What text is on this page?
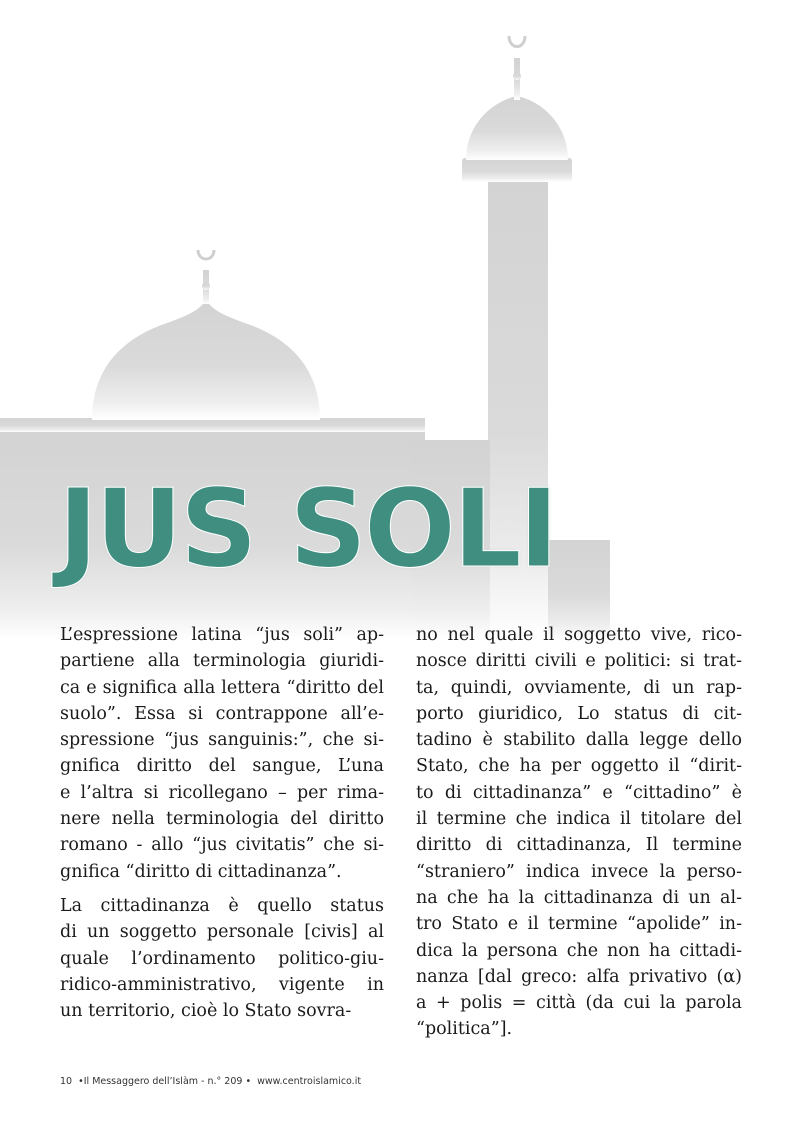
JUS SOLI

L’espressione latina “jus soli” ap-
partiene alla terminologia giuridi-
ca e significa alla lettera “diritto del
suolo”. Essa si contrappone all’e-
spressione “jus sanguinis:”, che si-
gnifica diritto del sangue, L’una
e l’altra si ricollegano – per rima-
nere nella terminologia del diritto
romano - allo “jus civitatis” che si-
gnifica “diritto di cittadinanza”.

La cittadinanza è quello status
di un soggetto personale [civis] al
quale l’ordinamento politico-giu-
ridico-amministrativo, vigente in
un territorio, cioè lo Stato sovra-

no nel quale il soggetto vive, rico-
nosce diritti civili e politici: si trat-
ta, quindi, ovviamente, di un rap-
porto giuridico, Lo status di cit-
tadino è stabilito dalla legge dello
Stato, che ha per oggetto il “dirit-
to di cittadinanza” e “cittadino” è
il termine che indica il titolare del
diritto di cittadinanza, Il termine
“straniero” indica invece la perso-
na che ha la cittadinanza di un al-
tro Stato e il termine “apolide” in-
dica la persona che non ha cittadi-
nanza [dal greco: alfa privativo (α)
a + polis = città (da cui la parola
“politica”].

10 •Il Messaggero dell’Islàm - n.° 209 • www.centroislamico.it
